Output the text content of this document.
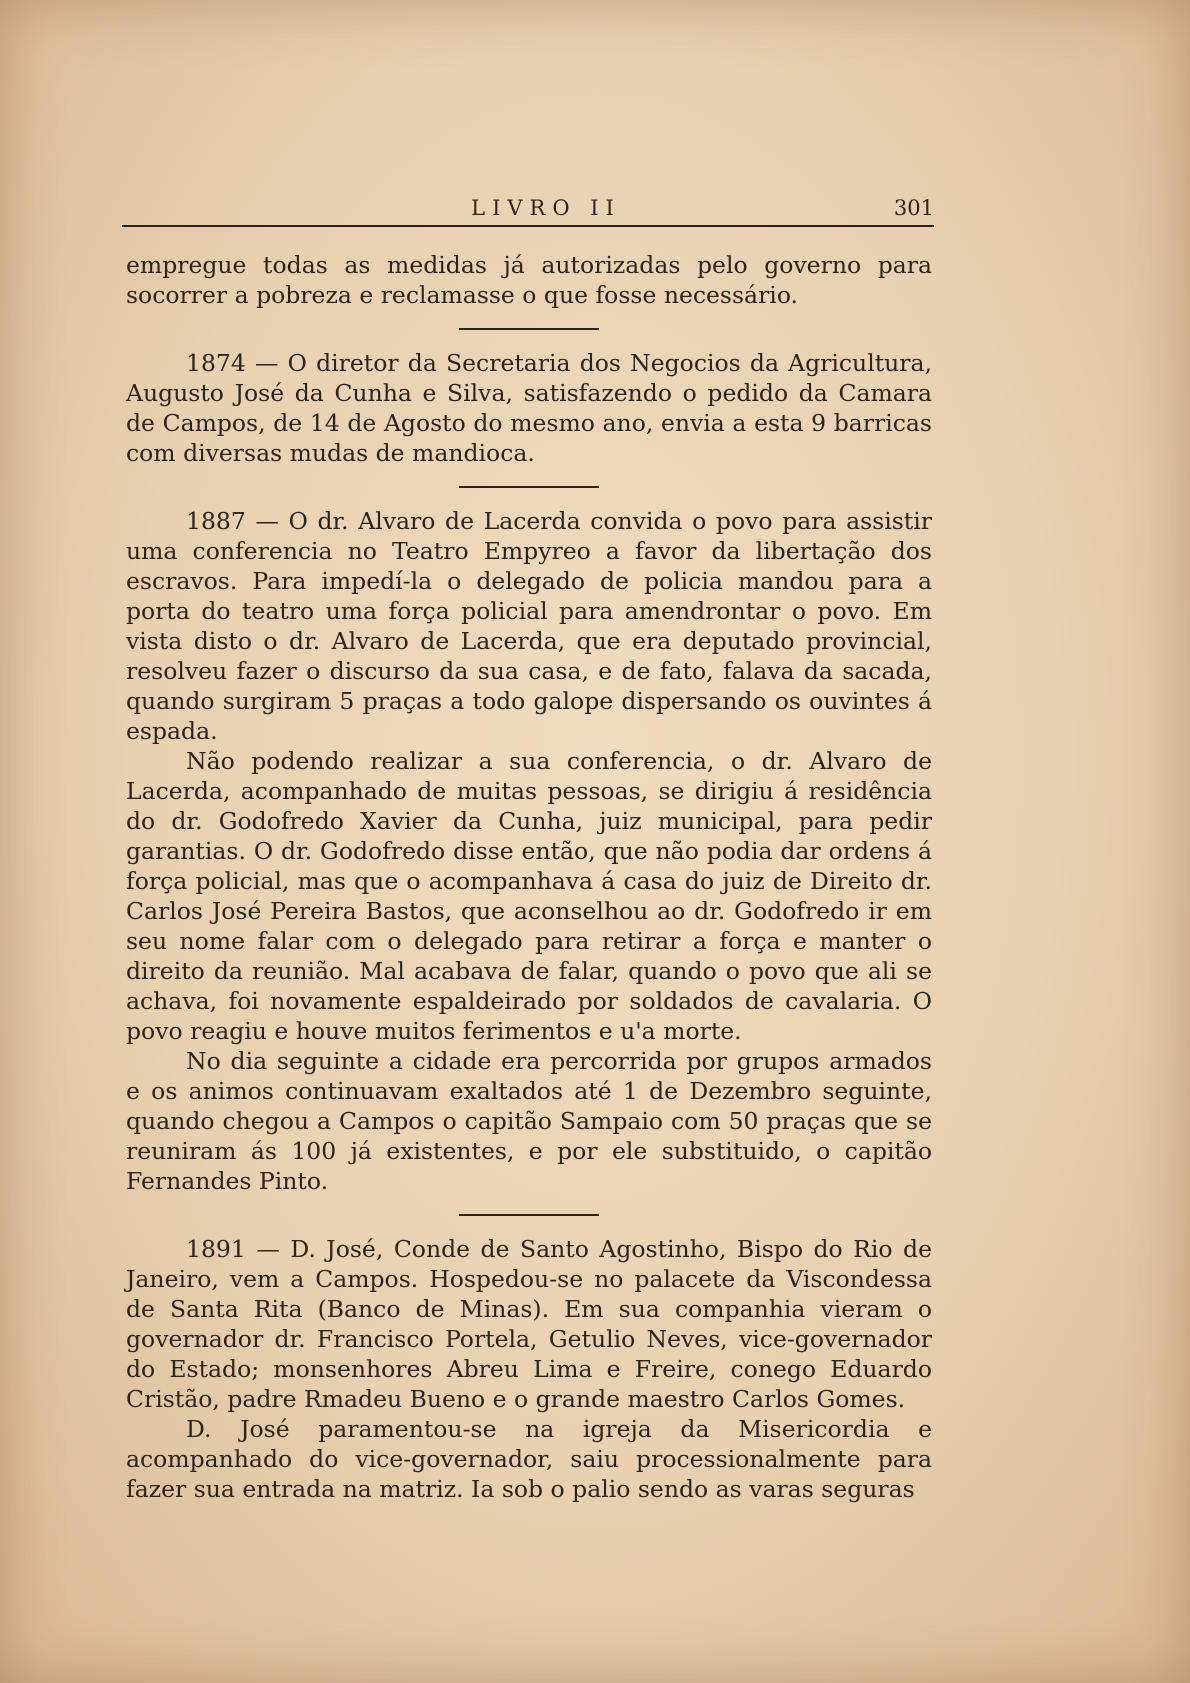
LIVRO II	301

empregue todas as medidas já autorizadas pelo governo para socorrer a pobreza e reclamasse o que fosse necessário.

1874 — O diretor da Secretaria dos Negocios da Agricultura, Augusto José da Cunha e Silva, satisfazendo o pedido da Camara de Campos, de 14 de Agosto do mesmo ano, envia a esta 9 barricas com diversas mudas de mandioca.

1887 — O dr. Alvaro de Lacerda convida o povo para assistir uma conferencia no Teatro Empyreo a favor da libertação dos escravos. Para impedí-la o delegado de policia mandou para a porta do teatro uma força policial para amendrontar o povo. Em vista disto o dr. Alvaro de Lacerda, que era deputado provincial, resolveu fazer o discurso da sua casa, e de fato, falava da sacada, quando surgiram 5 praças a todo galope dispersando os ouvintes á espada.

Não podendo realizar a sua conferencia, o dr. Alvaro de Lacerda, acompanhado de muitas pessoas, se dirigiu á residência do dr. Godofredo Xavier da Cunha, juiz municipal, para pedir garantias. O dr. Godofredo disse então, que não podia dar ordens á força policial, mas que o acompanhava á casa do juiz de Direito dr. Carlos José Pereira Bastos, que aconselhou ao dr. Godofredo ir em seu nome falar com o delegado para retirar a força e manter o direito da reunião. Mal acabava de falar, quando o povo que ali se achava, foi novamente espaldeirado por soldados de cavalaria. O povo reagiu e houve muitos ferimentos e u'a morte.

No dia seguinte a cidade era percorrida por grupos armados e os animos continuavam exaltados até 1 de Dezembro seguinte, quando chegou a Campos o capitão Sampaio com 50 praças que se reuniram ás 100 já existentes, e por ele substituido, o capitão Fernandes Pinto.

1891 — D. José, Conde de Santo Agostinho, Bispo do Rio de Janeiro, vem a Campos. Hospedou-se no palacete da Viscondessa de Santa Rita (Banco de Minas). Em sua companhia vieram o governador dr. Francisco Portela, Getulio Neves, vice-governador do Estado; monsenhores Abreu Lima e Freire, conego Eduardo Cristão, padre Rmadeu Bueno e o grande maestro Carlos Gomes.

D. José paramentou-se na igreja da Misericordia e acompanhado do vice-governador, saiu processionalmente para fazer sua entrada na matriz. Ia sob o palio sendo as varas seguras
